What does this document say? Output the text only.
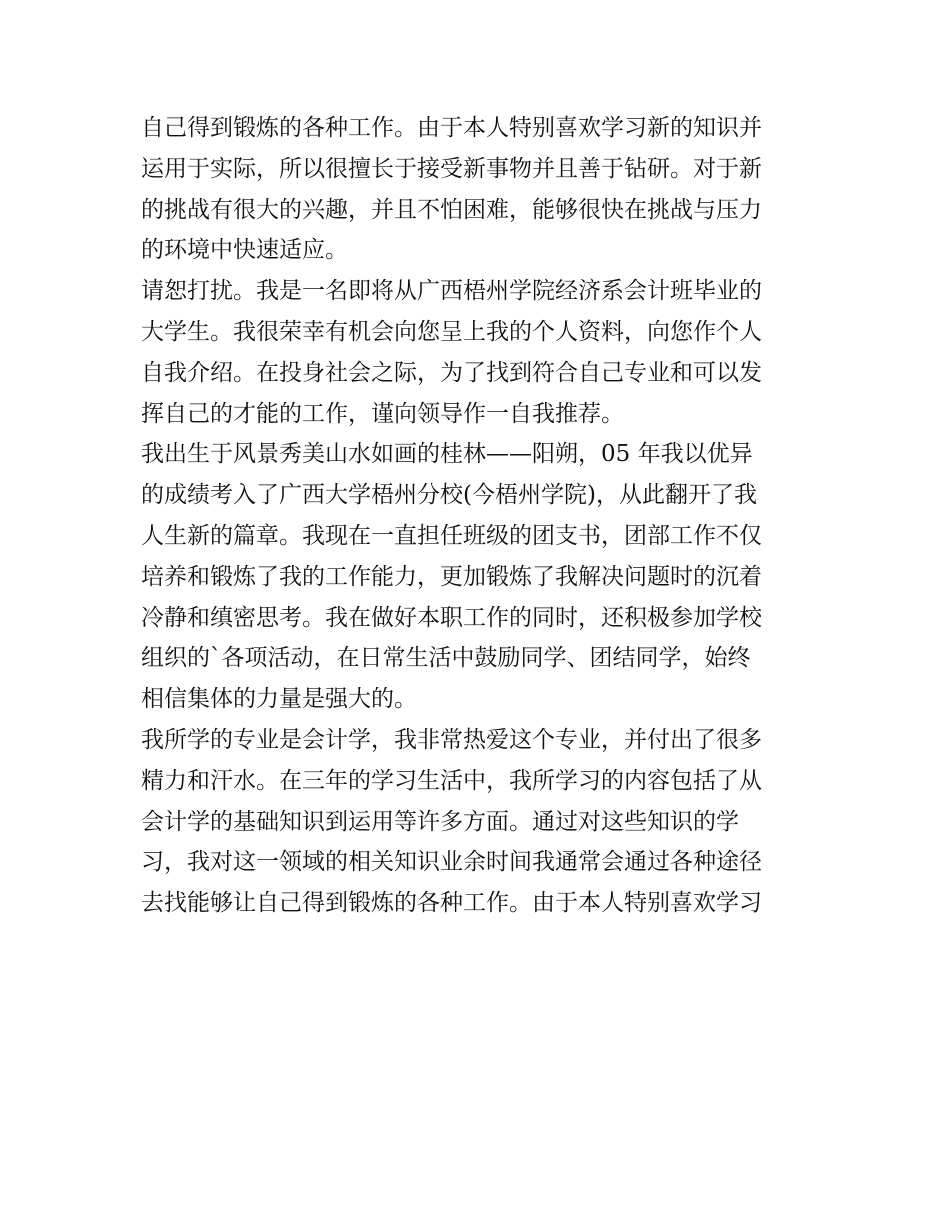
自己得到锻炼的各种工作。由于本人特别喜欢学习新的知识并

运用于实际，所以很擅长于接受新事物并且善于钻研。对于新

的挑战有很大的兴趣，并且不怕困难，能够很快在挑战与压力

的环境中快速适应。

请恕打扰。我是一名即将从广西梧州学院经济系会计班毕业的

大学生。我很荣幸有机会向您呈上我的个人资料，向您作个人

自我介绍。在投身社会之际，为了找到符合自己专业和可以发

挥自己的才能的工作，谨向领导作一自我推荐。

我出生于风景秀美山水如画的桂林——阳朔，05 年我以优异

的成绩考入了广西大学梧州分校(今梧州学院)，从此翻开了我

人生新的篇章。我现在一直担任班级的团支书，团部工作不仅

培养和锻炼了我的工作能力，更加锻炼了我解决问题时的沉着

冷静和缜密思考。我在做好本职工作的同时，还积极参加学校

组织的`各项活动，在日常生活中鼓励同学、团结同学，始终

相信集体的力量是强大的。

我所学的专业是会计学，我非常热爱这个专业，并付出了很多

精力和汗水。在三年的学习生活中，我所学习的内容包括了从

会计学的基础知识到运用等许多方面。通过对这些知识的学

习，我对这一领域的相关知识业余时间我通常会通过各种途径

去找能够让自己得到锻炼的各种工作。由于本人特别喜欢学习
